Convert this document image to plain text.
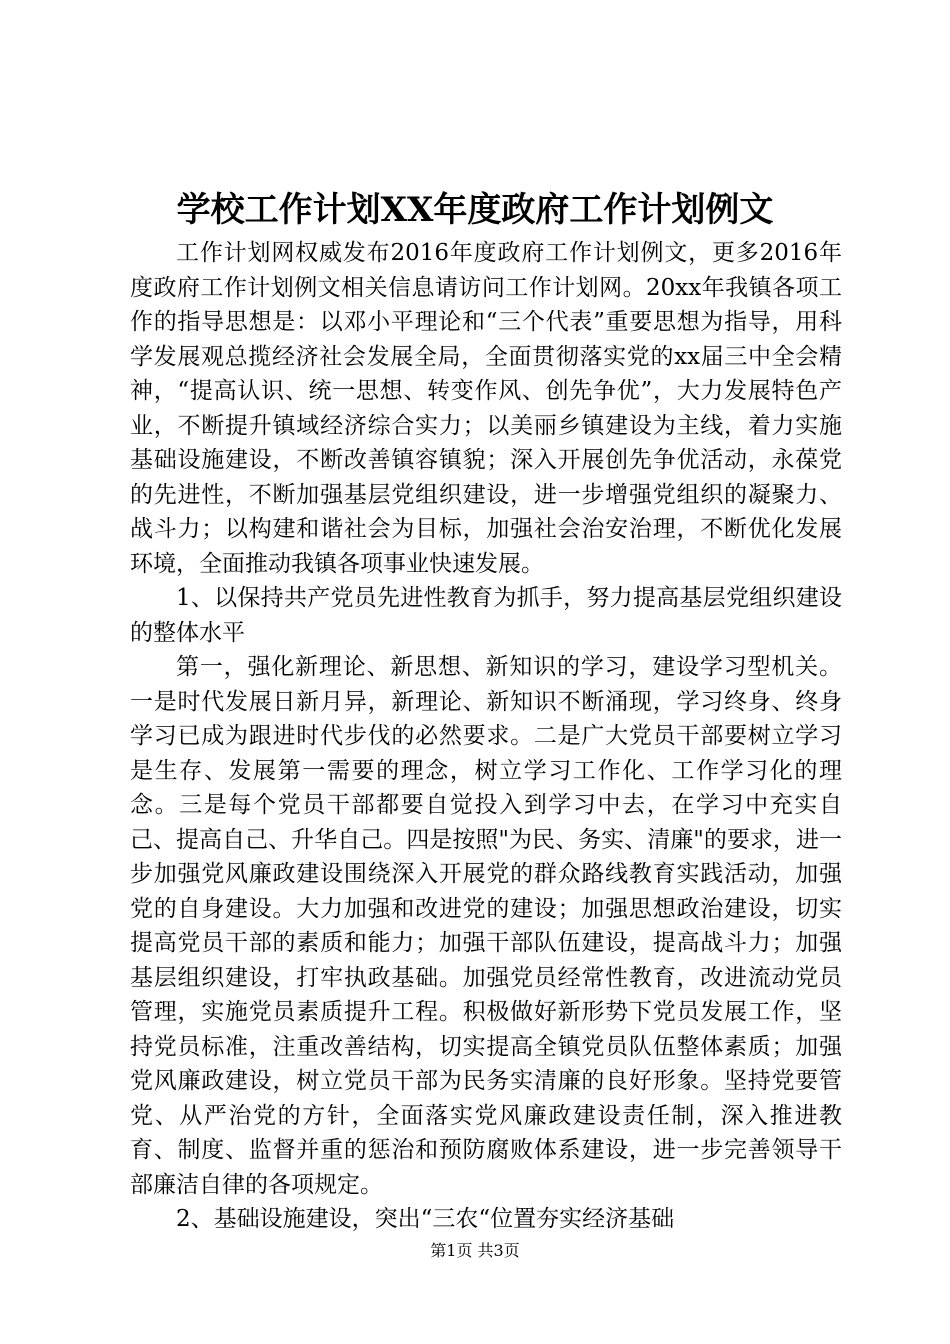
学校工作计划XX年度政府工作计划例文

工作计划网权威发布2016年度政府工作计划例文，更多2016年度政府工作计划例文相关信息请访问工作计划网。20xx年我镇各项工作的指导思想是：以邓小平理论和“三个代表”重要思想为指导，用科学发展观总揽经济社会发展全局，全面贯彻落实党的xx届三中全会精神，“提高认识、统一思想、转变作风、创先争优”，大力发展特色产业，不断提升镇域经济综合实力；以美丽乡镇建设为主线，着力实施基础设施建设，不断改善镇容镇貌；深入开展创先争优活动，永葆党的先进性，不断加强基层党组织建设，进一步增强党组织的凝聚力、战斗力；以构建和谐社会为目标，加强社会治安治理，不断优化发展环境，全面推动我镇各项事业快速发展。

1、以保持共产党员先进性教育为抓手，努力提高基层党组织建设的整体水平

第一，强化新理论、新思想、新知识的学习，建设学习型机关。一是时代发展日新月异，新理论、新知识不断涌现，学习终身、终身学习已成为跟进时代步伐的必然要求。二是广大党员干部要树立学习是生存、发展第一需要的理念，树立学习工作化、工作学习化的理念。三是每个党员干部都要自觉投入到学习中去，在学习中充实自己、提高自己、升华自己。四是按照"为民、务实、清廉"的要求，进一步加强党风廉政建设围绕深入开展党的群众路线教育实践活动，加强党的自身建设。大力加强和改进党的建设；加强思想政治建设，切实提高党员干部的素质和能力；加强干部队伍建设，提高战斗力；加强基层组织建设，打牢执政基础。加强党员经常性教育，改进流动党员管理，实施党员素质提升工程。积极做好新形势下党员发展工作，坚持党员标准，注重改善结构，切实提高全镇党员队伍整体素质；加强党风廉政建设，树立党员干部为民务实清廉的良好形象。坚持党要管党、从严治党的方针，全面落实党风廉政建设责任制，深入推进教育、制度、监督并重的惩治和预防腐败体系建设，进一步完善领导干部廉洁自律的各项规定。

2、基础设施建设，突出“三农“位置夯实经济基础

第1页 共3页
